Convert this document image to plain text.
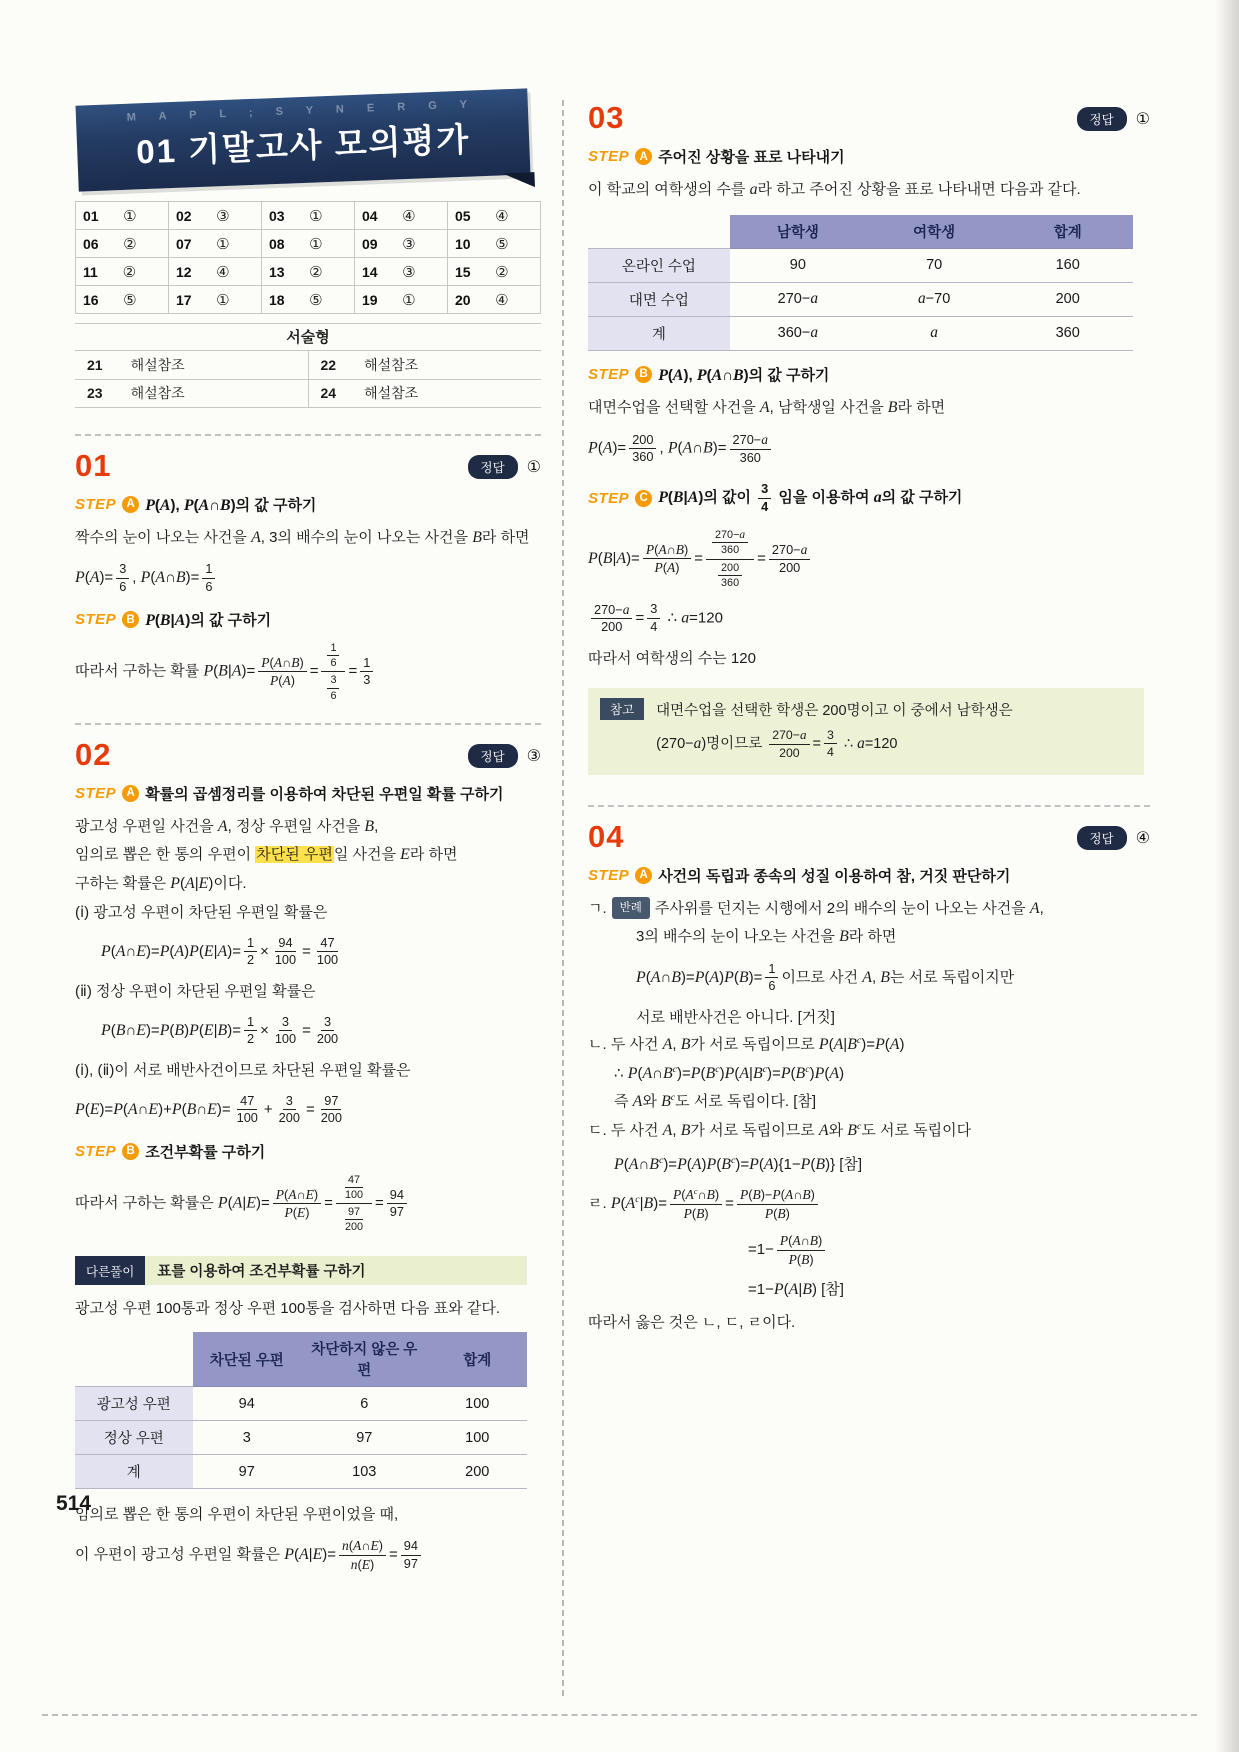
M A P L ; S Y N E R G Y
01 기말고사 모의평가
01 ①	02 ③	03 ①	04 ④	05 ④

06 ②	07 ①	08 ①	09 ③	10 ⑤

11 ②	12 ④	13 ②	14 ③	15 ②

16 ⑤	17 ①	18 ⑤	19 ①	20 ④
서술형
21 해설참조	22 해설참조

23 해설참조	24 해설참조
01	정답	①
STEP A P(A), P(A∩B)의 값 구하기
짝수의 눈이 나오는 사건을 A, 3의 배수의 눈이 나오는 사건을 B라 하면
$P(A)= \frac{3}{6}$ , P(A∩B)= $\frac{1}{6}$
STEP B P(B|A)의 값 구하기
따라서 구하는 확률 $P(B|A)= \frac{P(A\cap B)}{P(A)} = \frac{\frac{1}{6}}{\frac{3}{6}} = \frac{1}{3}$
02	정답	③
STEP A 확률의 곱셈정리를 이용하여 차단된 우편일 확률 구하기
광고성 우편일 사건을 A, 정상 우편일 사건을 B,
임의로 뽑은 한 통의 우편이 차단된 우편일 사건을 E라 하면
구하는 확률은 P(A|E)이다.
(ⅰ) 광고성 우편이 차단된 우편일 확률은
P(A∩E)=P(A)P(E|A)= $\frac{1}{2} \times \frac{94}{100} = \frac{47}{100}$
(ⅱ) 정상 우편이 차단된 우편일 확률은
P(B∩E)=P(B)P(E|B)= $\frac{1}{2} \times \frac{3}{100} = \frac{3}{200}$
(ⅰ), (ⅱ)이 서로 배반사건이므로 차단된 우편일 확률은
P(E)=P(A∩E)+P(B∩E)= $\frac{47}{100} + \frac{3}{200} = \frac{97}{200}$
STEP B 조건부확률 구하기
따라서 구하는 확률은 $P(A|E)= \frac{P(A\cap E)}{P(E)} = \frac{\frac{47}{100}}{\frac{97}{200}} = \frac{94}{97}$
다른풀이	표를 이용하여 조건부확률 구하기
광고성 우편 100통과 정상 우편 100통을 검사하면 다음 표와 같다.
	차단된 우편	차단하지 않은 우편	합계
광고성 우편	94	6	100
정상 우편	3	97	100
계	97	103	200
임의로 뽑은 한 통의 우편이 차단된 우편이었을 때,
이 우편이 광고성 우편일 확률은 $P(A|E)= \frac{n(A\cap E)}{n(E)} = \frac{94}{97}$
03	정답	①
STEP A 주어진 상황을 표로 나타내기
이 학교의 여학생의 수를 a라 하고 주어진 상황을 표로 나타내면 다음과 같다.
	남학생	여학생	합계
온라인 수업	90	70	160
대면 수업	270−a	a−70	200
계	360−a	a	360
STEP B P(A), P(A∩B)의 값 구하기
대면수업을 선택할 사건을 A, 남학생일 사건을 B라 하면
$P(A)= \frac{200}{360}$ , P(A∩B)= $\frac{270-a}{360}$
STEP C P(B|A)의 값이 $\frac{3}{4}$ 임을 이용하여 a의 값 구하기
$P(B|A)= \frac{P(A\cap B)}{P(A)} = \frac{\frac{270-a}{360}}{\frac{200}{360}} = \frac{270-a}{200}$
$\frac{270-a}{200} = \frac{3}{4}$ ∴ a=120
따라서 여학생의 수는 120
참고	대면수업을 선택한 학생은 200명이고 이 중에서 남학생은
(270−a)명이므로 $\frac{270-a}{200} = \frac{3}{4}$ ∴ a=120
04	정답	④
STEP A 사건의 독립과 종속의 성질 이용하여 참, 거짓 판단하기
ㄱ. 반례 주사위를 던지는 시행에서 2의 배수의 눈이 나오는 사건을 A,
3의 배수의 눈이 나오는 사건을 B라 하면
P(A∩B)=P(A)P(B)= $\frac{1}{6}$ 이므로 사건 A, B는 서로 독립이지만
서로 배반사건은 아니다. [거짓]
ㄴ. 두 사건 A, B가 서로 독립이므로 $P(A|B^c)=P(A)$
∴ $P(A\cap B^c)=P(B^c)P(A|B^c)=P(B^c)P(A)$
즉 A와 $B^c$도 서로 독립이다. [참]
ㄷ. 두 사건 A, B가 서로 독립이므로 A와 $B^c$도 서로 독립이다
$P(A\cap B^c)=P(A)P(B^c)=P(A)\{1-P(B)\}$ [참]
ㄹ. $P(A^c|B)= \frac{P(A^c\cap B)}{P(B)} = \frac{P(B)-P(A\cap B)}{P(B)}$
$=1- \frac{P(A\cap B)}{P(B)}$
=1−P(A|B) [참]
따라서 옳은 것은 ㄴ, ㄷ, ㄹ이다.
514
